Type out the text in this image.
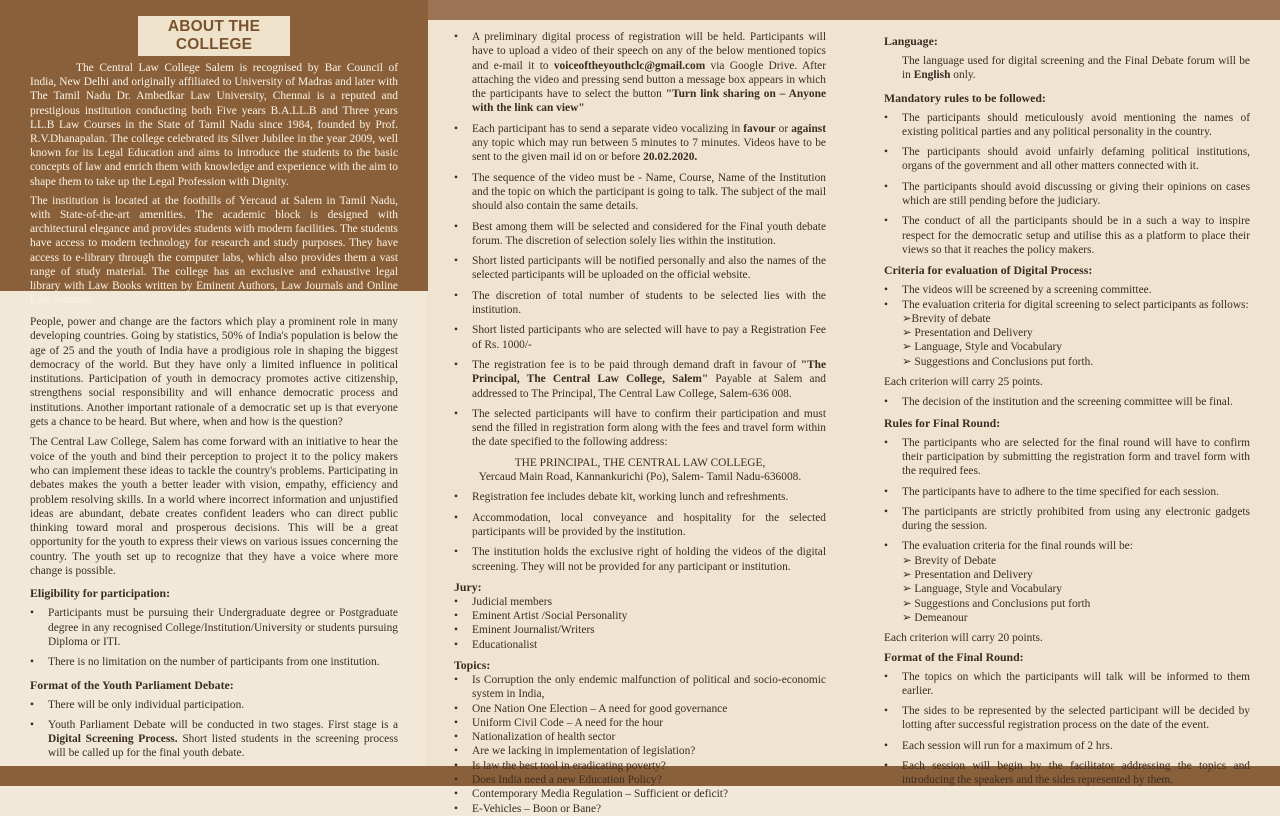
ABOUT THE COLLEGE

The Central Law College Salem is recognised by Bar Council of India, New Delhi and originally affiliated to University of Madras and later with The Tamil Nadu Dr. Ambedkar Law University, Chennai is a reputed and prestigious institution conducting both Five years B.A.LL.B and Three years LL.B Law Courses in the State of Tamil Nadu since 1984, founded by Prof. R.V.Dhanapalan. The college celebrated its Silver Jubilee in the year 2009, well known for its Legal Education and aims to introduce the students to the basic concepts of law and enrich them with knowledge and experience with the aim to shape them to take up the Legal Profession with Dignity.

The institution is located at the foothills of Yercaud at Salem in Tamil Nadu, with State-of-the-art amenities. The academic block is designed with architectural elegance and provides students with modern facilities. The students have access to modern technology for research and study purposes. They have access to e-library through the computer labs, which also provides them a vast range of study material. The college has an exclusive and exhaustive legal library with Law Books written by Eminent Authors, Law Journals and Online Law Journals.

People, power and change are the factors which play a prominent role in many developing countries. Going by statistics, 50% of India's population is below the age of 25 and the youth of India have a prodigious role in shaping the biggest democracy of the world. But they have only a limited influence in political institutions. Participation of youth in democracy promotes active citizenship, strengthens social responsibility and will enhance democratic process and institutions. Another important rationale of a democratic set up is that everyone gets a chance to be heard. But where, when and how is the question?

The Central Law College, Salem has come forward with an initiative to hear the voice of the youth and bind their perception to project it to the policy makers who can implement these ideas to tackle the country's problems. Participating in debates makes the youth a better leader with vision, empathy, efficiency and problem resolving skills. In a world where incorrect information and unjustified ideas are abundant, debate creates confident leaders who can direct public thinking toward moral and prosperous decisions. This will be a great opportunity for the youth to express their views on various issues concerning the country. The youth set up to recognize that they have a voice where more change is possible.

Eligibility for participation:
• Participants must be pursuing their Undergraduate degree or Postgraduate degree in any recognised College/Institution/University or students pursuing Diploma or ITI.
• There is no limitation on the number of participants from one institution.
Format of the Youth Parliament Debate:
• There will be only individual participation.
• Youth Parliament Debate will be conducted in two stages. First stage is a Digital Screening Process. Short listed students in the screening process will be called up for the final youth debate.
• A preliminary digital process of registration will be held. Participants will have to upload a video of their speech on any of the below mentioned topics and e-mail it to voiceoftheyouthclc@gmail.com via Google Drive. After attaching the video and pressing send button a message box appears in which the participants have to select the button "Turn link sharing on – Anyone with the link can view"
• Each participant has to send a separate video vocalizing in favour or against any topic which may run between 5 minutes to 7 minutes. Videos have to be sent to the given mail id on or before 20.02.2020.
• The sequence of the video must be - Name, Course, Name of the Institution and the topic on which the participant is going to talk. The subject of the mail should also contain the same details.
• Best among them will be selected and considered for the Final youth debate forum. The discretion of selection solely lies within the institution.
• Short listed participants will be notified personally and also the names of the selected participants will be uploaded on the official website.
• The discretion of total number of students to be selected lies with the institution.
• Short listed participants who are selected will have to pay a Registration Fee of Rs. 1000/-
• The registration fee is to be paid through demand draft in favour of "The Principal, The Central Law College, Salem" Payable at Salem and addressed to The Principal, The Central Law College, Salem-636 008.
• The selected participants will have to confirm their participation and must send the filled in registration form along with the fees and travel form within the date specified to the following address:
THE PRINCIPAL, THE CENTRAL LAW COLLEGE,
Yercaud Main Road, Kannankurichi (Po), Salem- Tamil Nadu-636008.
• Registration fee includes debate kit, working lunch and refreshments.
• Accommodation, local conveyance and hospitality for the selected participants will be provided by the institution.
• The institution holds the exclusive right of holding the videos of the digital screening. They will not be provided for any participant or institution.
Jury:
• Judicial members
• Eminent Artist /Social Personality
• Eminent Journalist/Writers
• Educationalist
Topics:
• Is Corruption the only endemic malfunction of political and socio-economic system in India,
• One Nation One Election – A need for good governance
• Uniform Civil Code – A need for the hour
• Nationalization of health sector
• Are we lacking in implementation of legislation?
• Is law the best tool in eradicating poverty?
• Does India need a new Education Policy?
• Contemporary Media Regulation – Sufficient or deficit?
• E-Vehicles – Boon or Bane?
Language:
The language used for digital screening and the Final Debate forum will be in English only.
Mandatory rules to be followed:
• The participants should meticulously avoid mentioning the names of existing political parties and any political personality in the country.
• The participants should avoid unfairly defaming political institutions, organs of the government and all other matters connected with it.
• The participants should avoid discussing or giving their opinions on cases which are still pending before the judiciary.
• The conduct of all the participants should be in a such a way to inspire respect for the democratic setup and utilise this as a platform to place their views so that it reaches the policy makers.
Criteria for evaluation of Digital Process:
• The videos will be screened by a screening committee.
• The evaluation criteria for digital screening to select participants as follows:
➢Brevity of debate
➢ Presentation and Delivery
➢ Language, Style and Vocabulary
➢ Suggestions and Conclusions put forth.
Each criterion will carry 25 points.
• The decision of the institution and the screening committee will be final.
Rules for Final Round:
• The participants who are selected for the final round will have to confirm their participation by submitting the registration form and travel form with the required fees.
• The participants have to adhere to the time specified for each session.
• The participants are strictly prohibited from using any electronic gadgets during the session.
• The evaluation criteria for the final rounds will be:
➢ Brevity of Debate
➢ Presentation and Delivery
➢ Language, Style and Vocabulary
➢ Suggestions and Conclusions put forth
➢ Demeanour
Each criterion will carry 20 points.
Format of the Final Round:
• The topics on which the participants will talk will be informed to them earlier.
• The sides to be represented by the selected participant will be decided by lotting after successful registration process on the date of the event.
• Each session will run for a maximum of 2 hrs.
• Each session will begin by the facilitator addressing the topics and introducing the speakers and the sides represented by them.
